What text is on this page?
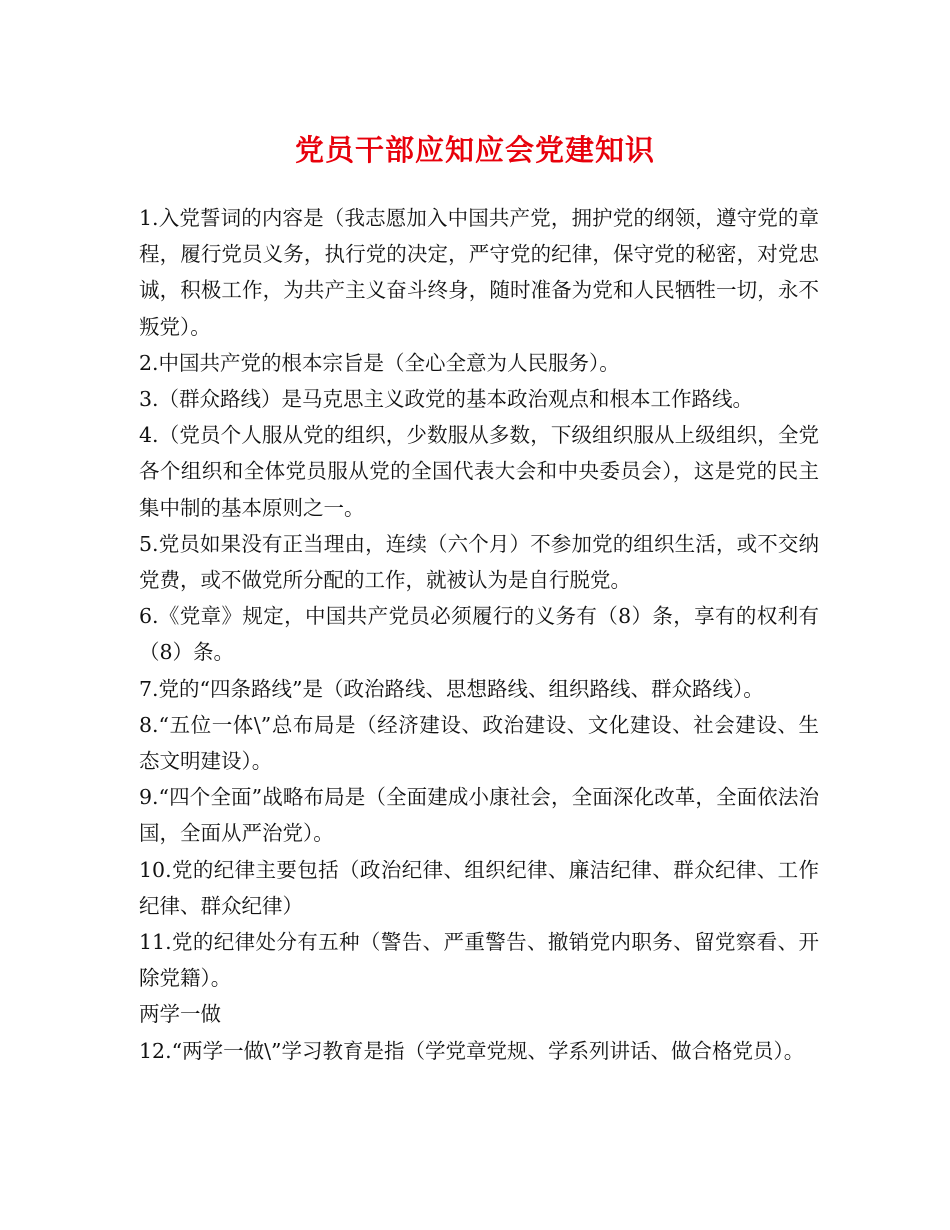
党员干部应知应会党建知识

1.入党誓词的内容是（我志愿加入中国共产党，拥护党的纲领，遵守党的章程，履行党员义务，执行党的决定，严守党的纪律，保守党的秘密，对党忠诚，积极工作，为共产主义奋斗终身，随时准备为党和人民牺牲一切，永不叛党）。

2.中国共产党的根本宗旨是（全心全意为人民服务）。

3.（群众路线）是马克思主义政党的基本政治观点和根本工作路线。

4.（党员个人服从党的组织，少数服从多数，下级组织服从上级组织，全党各个组织和全体党员服从党的全国代表大会和中央委员会），这是党的民主集中制的基本原则之一。

5.党员如果没有正当理由，连续（六个月）不参加党的组织生活，或不交纳党费，或不做党所分配的工作，就被认为是自行脱党。

6.《党章》规定，中国共产党员必须履行的义务有（8）条，享有的权利有（8）条。

7.党的“四条路线”是（政治路线、思想路线、组织路线、群众路线）。

8.“五位一体\”总布局是（经济建设、政治建设、文化建设、社会建设、生态文明建设）。

9.“四个全面”战略布局是（全面建成小康社会，全面深化改革，全面依法治国，全面从严治党）。

10.党的纪律主要包括（政治纪律、组织纪律、廉洁纪律、群众纪律、工作纪律、群众纪律）

11.党的纪律处分有五种（警告、严重警告、撤销党内职务、留党察看、开除党籍）。

两学一做

12.“两学一做\”学习教育是指（学党章党规、学系列讲话、做合格党员）。
